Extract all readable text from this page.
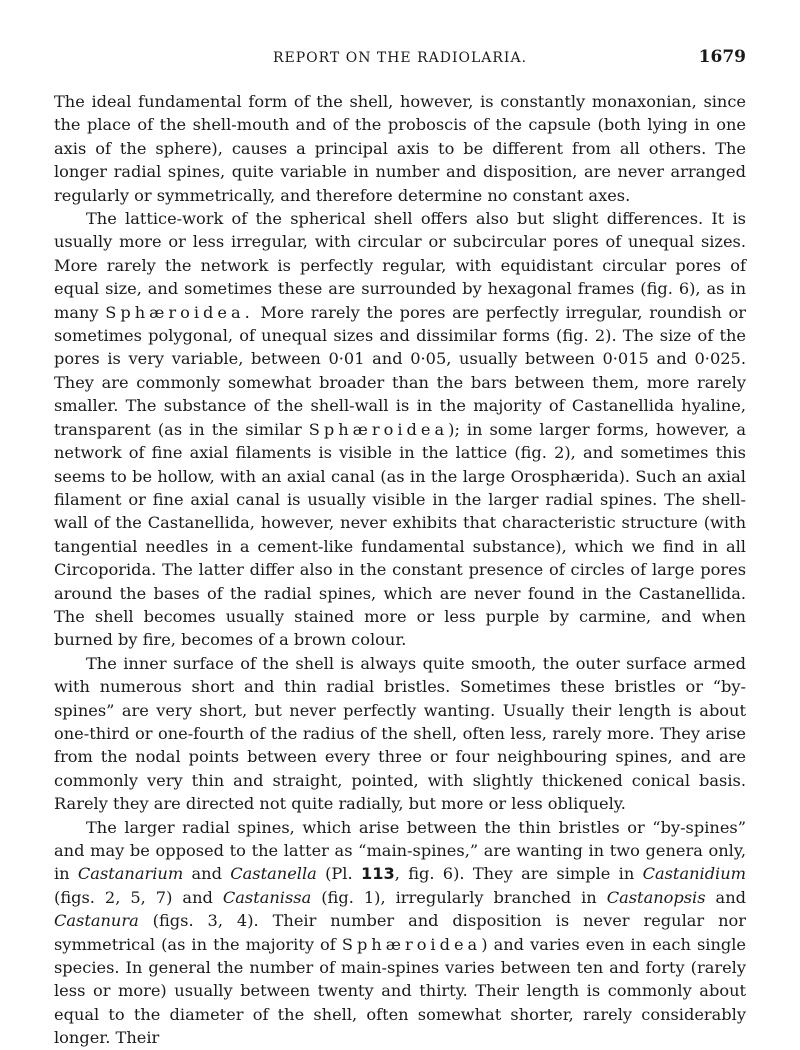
REPORT ON THE RADIOLARIA.	1679

The ideal fundamental form of the shell, however, is constantly monaxonian, since the place of the shell-mouth and of the proboscis of the capsule (both lying in one axis of the sphere), causes a principal axis to be different from all others. The longer radial spines, quite variable in number and disposition, are never arranged regularly or symmetrically, and therefore determine no constant axes.

The lattice-work of the spherical shell offers also but slight differences. It is usually more or less irregular, with circular or subcircular pores of unequal sizes. More rarely the network is perfectly regular, with equidistant circular pores of equal size, and sometimes these are surrounded by hexagonal frames (fig. 6), as in many Sphæroidea. More rarely the pores are perfectly irregular, roundish or sometimes polygonal, of unequal sizes and dissimilar forms (fig. 2). The size of the pores is very variable, between 0·01 and 0·05, usually between 0·015 and 0·025. They are commonly somewhat broader than the bars between them, more rarely smaller. The substance of the shell-wall is in the majority of Castanellida hyaline, transparent (as in the similar Sphæroidea); in some larger forms, however, a network of fine axial filaments is visible in the lattice (fig. 2), and sometimes this seems to be hollow, with an axial canal (as in the large Orosphærida). Such an axial filament or fine axial canal is usually visible in the larger radial spines. The shell-wall of the Castanellida, however, never exhibits that characteristic structure (with tangential needles in a cement-like fundamental substance), which we find in all Circoporida. The latter differ also in the constant presence of circles of large pores around the bases of the radial spines, which are never found in the Castanellida. The shell becomes usually stained more or less purple by carmine, and when burned by fire, becomes of a brown colour.

The inner surface of the shell is always quite smooth, the outer surface armed with numerous short and thin radial bristles. Sometimes these bristles or “by-spines” are very short, but never perfectly wanting. Usually their length is about one-third or one-fourth of the radius of the shell, often less, rarely more. They arise from the nodal points between every three or four neighbouring spines, and are commonly very thin and straight, pointed, with slightly thickened conical basis. Rarely they are directed not quite radially, but more or less obliquely.

The larger radial spines, which arise between the thin bristles or “by-spines” and may be opposed to the latter as “main-spines,” are wanting in two genera only, in Castanarium and Castanella (Pl. 113, fig. 6). They are simple in Castanidium (figs. 2, 5, 7) and Castanissa (fig. 1), irregularly branched in Castanopsis and Castanura (figs. 3, 4). Their number and disposition is never regular nor symmetrical (as in the majority of Sphæroidea) and varies even in each single species. In general the number of main-spines varies between ten and forty (rarely less or more) usually between twenty and thirty. Their length is commonly about equal to the diameter of the shell, often somewhat shorter, rarely considerably longer. Their
